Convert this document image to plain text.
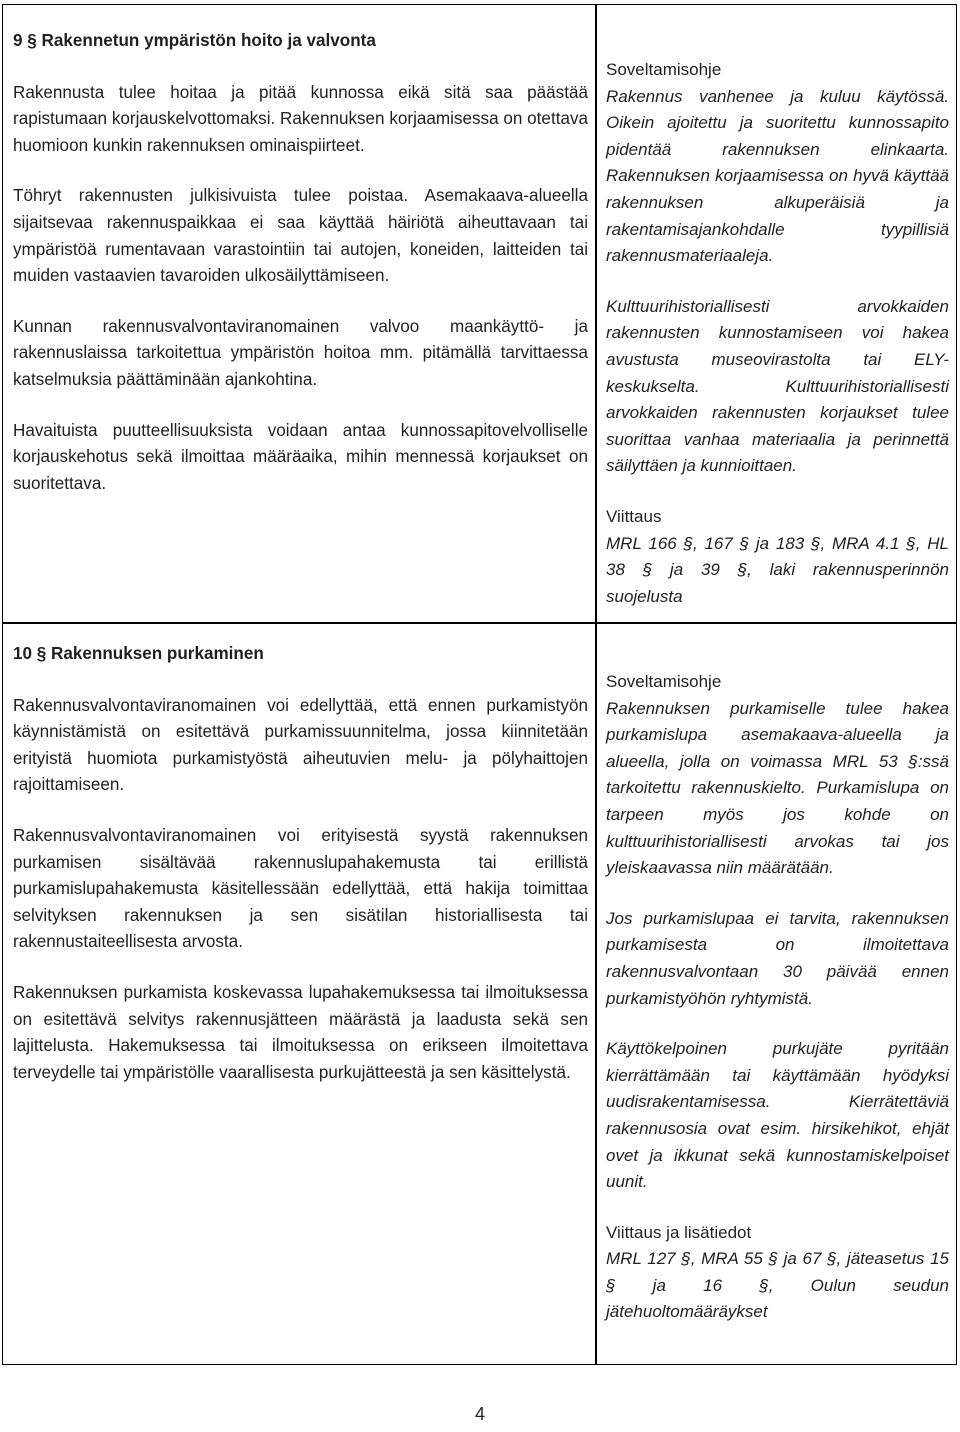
9 § Rakennetun ympäristön hoito ja valvonta

Rakennusta tulee hoitaa ja pitää kunnossa eikä sitä saa päästää rapistumaan korjauskelvottomaksi. Rakennuksen korjaamisessa on otettava huomioon kunkin rakennuksen ominaispiirteet.

Töhryt rakennusten julkisivuista tulee poistaa. Asemakaava-alueella sijaitsevaa rakennuspaikkaa ei saa käyttää häiriötä aiheuttavaan tai ympäristöä rumentavaan varastointiin tai autojen, koneiden, laitteiden tai muiden vastaavien tavaroiden ulkosäilyttämiseen.

Kunnan rakennusvalvontaviranomainen valvoo maankäyttö- ja rakennuslaissa tarkoitettua ympäristön hoitoa mm. pitämällä tarvittaessa katselmuksia päättäminään ajankohtina.

Havaituista puutteellisuuksista voidaan antaa kunnossapitovelvolliselle korjauskehotus sekä ilmoittaa määräaika, mihin mennessä korjaukset on suoritettava.

Soveltamisohje

Rakennus vanhenee ja kuluu käytössä. Oikein ajoitettu ja suoritettu kunnossapito pidentää rakennuksen elinkaarta. Rakennuksen korjaamisessa on hyvä käyttää rakennuksen alkuperäisiä ja rakentamisajankohdalle tyypillisiä rakennusmateriaaleja.

Kulttuurihistoriallisesti arvokkaiden rakennusten kunnostamiseen voi hakea avustusta museovirastolta tai ELY-keskukselta. Kulttuurihistoriallisesti arvokkaiden rakennusten korjaukset tulee suorittaa vanhaa materiaalia ja perinnettä säilyttäen ja kunnioittaen.

Viittaus

MRL 166 §, 167 § ja 183 §, MRA 4.1 §, HL 38 § ja 39 §, laki rakennusperinnön suojelusta

10 § Rakennuksen purkaminen

Rakennusvalvontaviranomainen voi edellyttää, että ennen purkamistyön käynnistämistä on esitettävä purkamissuunnitelma, jossa kiinnitetään erityistä huomiota purkamistyöstä aiheutuvien melu- ja pölyhaittojen rajoittamiseen.

Rakennusvalvontaviranomainen voi erityisestä syystä rakennuksen purkamisen sisältävää rakennuslupahakemusta tai erillistä purkamislupahakemusta käsitellessään edellyttää, että hakija toimittaa selvityksen rakennuksen ja sen sisätilan historiallisesta tai rakennustaiteellisesta arvosta.

Rakennuksen purkamista koskevassa lupahakemuksessa tai ilmoituksessa on esitettävä selvitys rakennusjätteen määrästä ja laadusta sekä sen lajittelusta. Hakemuksessa tai ilmoituksessa on erikseen ilmoitettava terveydelle tai ympäristölle vaarallisesta purkujätteestä ja sen käsittelystä.

Soveltamisohje

Rakennuksen purkamiselle tulee hakea purkamislupa asemakaava-alueella ja alueella, jolla on voimassa MRL 53 §:ssä tarkoitettu rakennuskielto. Purkamislupa on tarpeen myös jos kohde on kulttuurihistoriallisesti arvokas tai jos yleiskaavassa niin määrätään.

Jos purkamislupaa ei tarvita, rakennuksen purkamisesta on ilmoitettava rakennusvalvontaan 30 päivää ennen purkamistyöhön ryhtymistä.

Käyttökelpoinen purkujäte pyritään kierrättämään tai käyttämään hyödyksi uudisrakentamisessa. Kierrätettäviä rakennusosia ovat esim. hirsikehikot, ehjät ovet ja ikkunat sekä kunnostamiskelpoiset uunit.

Viittaus ja lisätiedot

MRL 127 §, MRA 55 § ja 67 §, jäteasetus 15 § ja 16 §, Oulun seudun jätehuoltomääräykset

4
